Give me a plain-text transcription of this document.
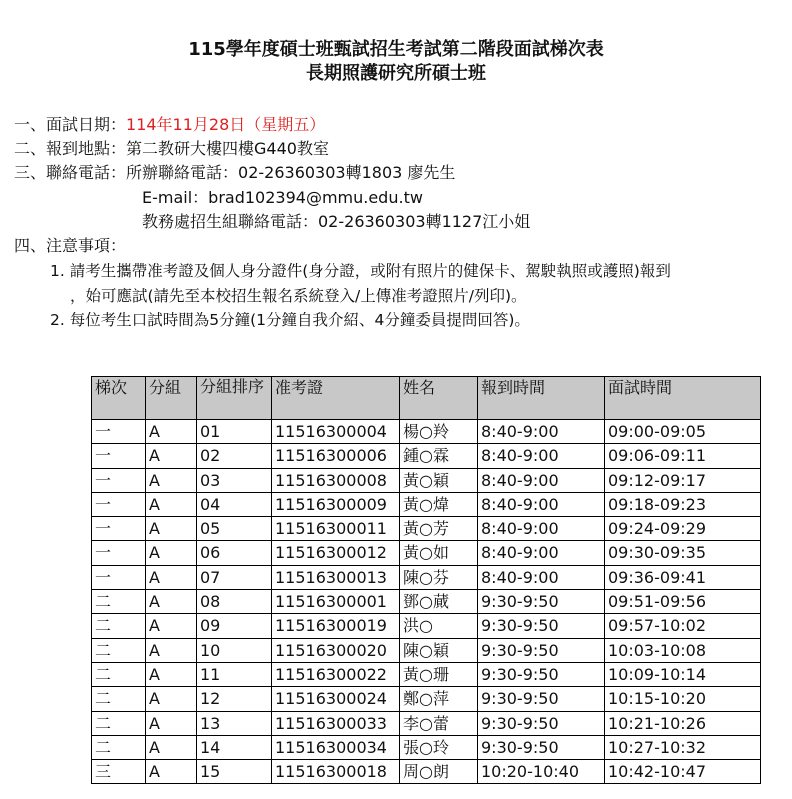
115學年度碩士班甄試招生考試第二階段面試梯次表
長期照護研究所碩士班
一、面試日期：114年11月28日（星期五）
二、報到地點：第二教研大樓四樓G440教室
三、聯絡電話：所辦聯絡電話：02-26360303轉1803 廖先生
E-mail：brad102394@mmu.edu.tw
教務處招生組聯絡電話：02-26360303轉1127江小姐
四、注意事項：
1. 請考生攜帶准考證及個人身分證件(身分證，或附有照片的健保卡、駕駛執照或護照)報到
，始可應試(請先至本校招生報名系統登入/上傳准考證照片/列印)。
2. 每位考生口試時間為5分鐘(1分鐘自我介紹、4分鐘委員提問回答)。
梯次	分組	分組排序	准考證	姓名	報到時間	面試時間
一	A	01	11516300004	楊○羚	8:40-9:00	09:00-09:05
一	A	02	11516300006	鍾○霖	8:40-9:00	09:06-09:11
一	A	03	11516300008	黃○穎	8:40-9:00	09:12-09:17
一	A	04	11516300009	黃○煒	8:40-9:00	09:18-09:23
一	A	05	11516300011	黃○芳	8:40-9:00	09:24-09:29
一	A	06	11516300012	黃○如	8:40-9:00	09:30-09:35
一	A	07	11516300013	陳○芬	8:40-9:00	09:36-09:41
二	A	08	11516300001	鄧○蕆	9:30-9:50	09:51-09:56
二	A	09	11516300019	洪○	9:30-9:50	09:57-10:02
二	A	10	11516300020	陳○穎	9:30-9:50	10:03-10:08
二	A	11	11516300022	黃○珊	9:30-9:50	10:09-10:14
二	A	12	11516300024	鄭○萍	9:30-9:50	10:15-10:20
二	A	13	11516300033	李○蕾	9:30-9:50	10:21-10:26
二	A	14	11516300034	張○玲	9:30-9:50	10:27-10:32
三	A	15	11516300018	周○朗	10:20-10:40	10:42-10:47
